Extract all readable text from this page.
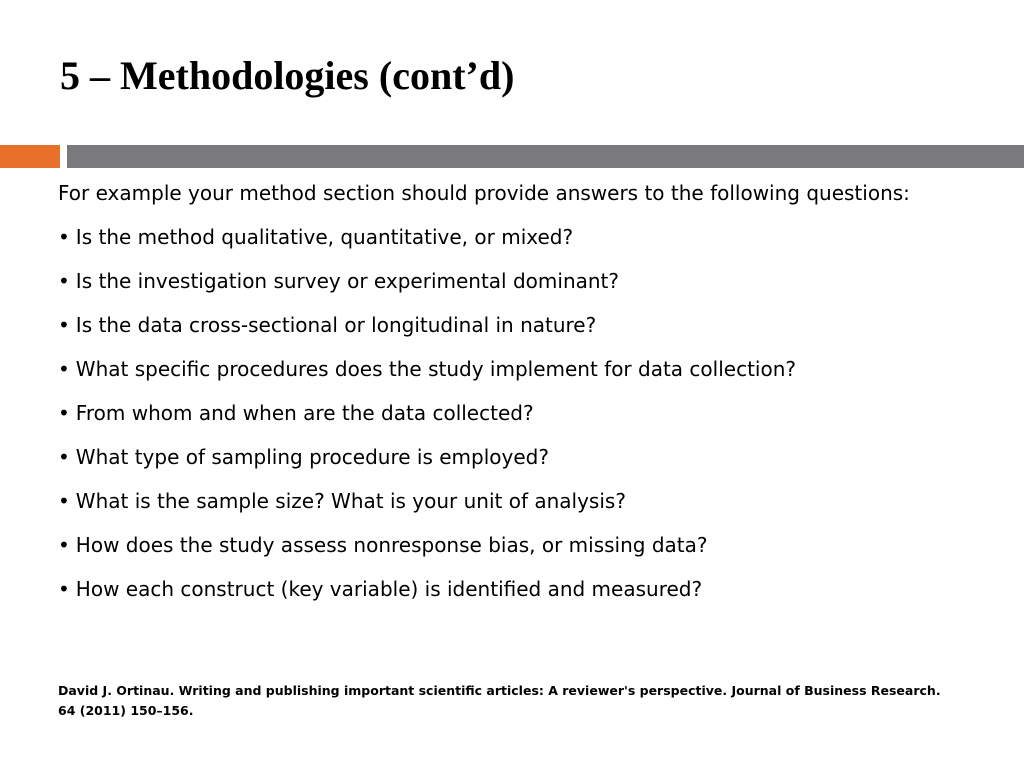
5 – Methodologies (cont’d)

For example your method section should provide answers to the following questions:

• Is the method qualitative, quantitative, or mixed?
• Is the investigation survey or experimental dominant?
• Is the data cross-sectional or longitudinal in nature?
• What specific procedures does the study implement for data collection?
• From whom and when are the data collected?
• What type of sampling procedure is employed?
• What is the sample size? What is your unit of analysis?
• How does the study assess nonresponse bias, or missing data?
• How each construct (key variable) is identified and measured?
David J. Ortinau. Writing and publishing important scientific articles: A reviewer's perspective. Journal of Business Research.
64 (2011) 150–156.
